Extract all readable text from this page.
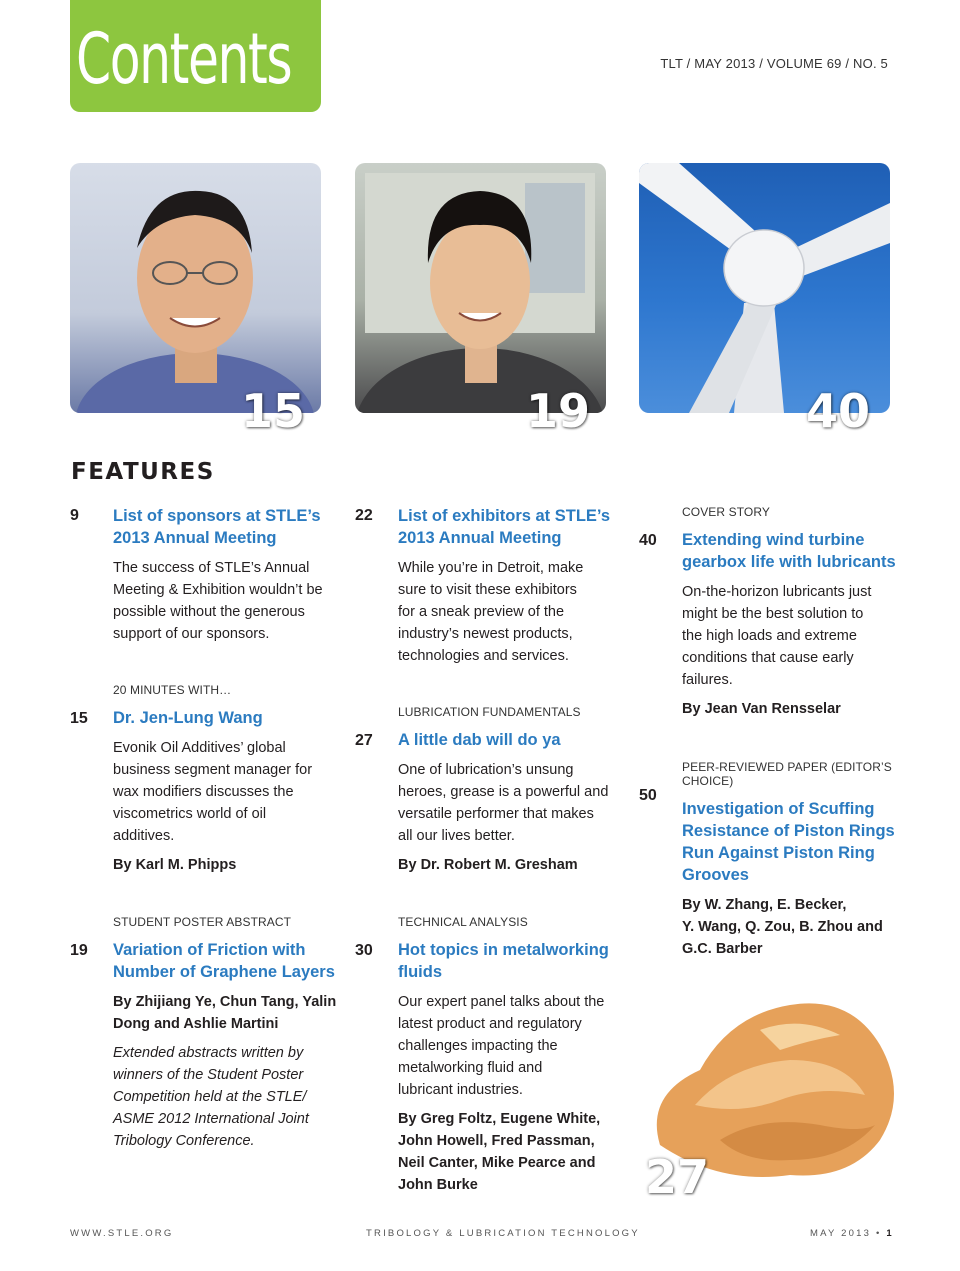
Contents	TLT / MAY 2013 / VOLUME 69 / NO. 5
15	19	40
FEATURES
9 List of sponsors at STLE’s
2013 Annual Meeting
The success of STLE’s Annual
Meeting & Exhibition wouldn’t be
possible without the generous
support of our sponsors.
20 MINUTES WITH…
15 Dr. Jen-Lung Wang
Evonik Oil Additives’ global
business segment manager for
wax modifiers discusses the
viscometrics world of oil
additives.
By Karl M. Phipps
STUDENT POSTER ABSTRACT
19 Variation of Friction with
Number of Graphene Layers
By Zhijiang Ye, Chun Tang, Yalin
Dong and Ashlie Martini
Extended abstracts written by
winners of the Student Poster
Competition held at the STLE/
ASME 2012 International Joint
Tribology Conference.
22 List of exhibitors at STLE’s
2013 Annual Meeting
While you’re in Detroit, make
sure to visit these exhibitors
for a sneak preview of the
industry’s newest products,
technologies and services.
LUBRICATION FUNDAMENTALS
27 A little dab will do ya
One of lubrication’s unsung
heroes, grease is a powerful and
versatile performer that makes
all our lives better.
By Dr. Robert M. Gresham
TECHNICAL ANALYSIS
30 Hot topics in metalworking
fluids
Our expert panel talks about the
latest product and regulatory
challenges impacting the
metalworking fluid and
lubricant industries.
By Greg Foltz, Eugene White,
John Howell, Fred Passman,
Neil Canter, Mike Pearce and
John Burke
COVER STORY
40 Extending wind turbine
gearbox life with lubricants
On-the-horizon lubricants just
might be the best solution to
the high loads and extreme
conditions that cause early
failures.
By Jean Van Rensselar
PEER-REVIEWED PAPER (EDITOR’S CHOICE)
50
Investigation of Scuffing
Resistance of Piston Rings
Run Against Piston Ring
Grooves
By W. Zhang, E. Becker,
Y. Wang, Q. Zou, B. Zhou and
G.C. Barber
27
WWW.STLE.ORG	TRIBOLOGY & LUBRICATION TECHNOLOGY	MAY 2013 • 1
